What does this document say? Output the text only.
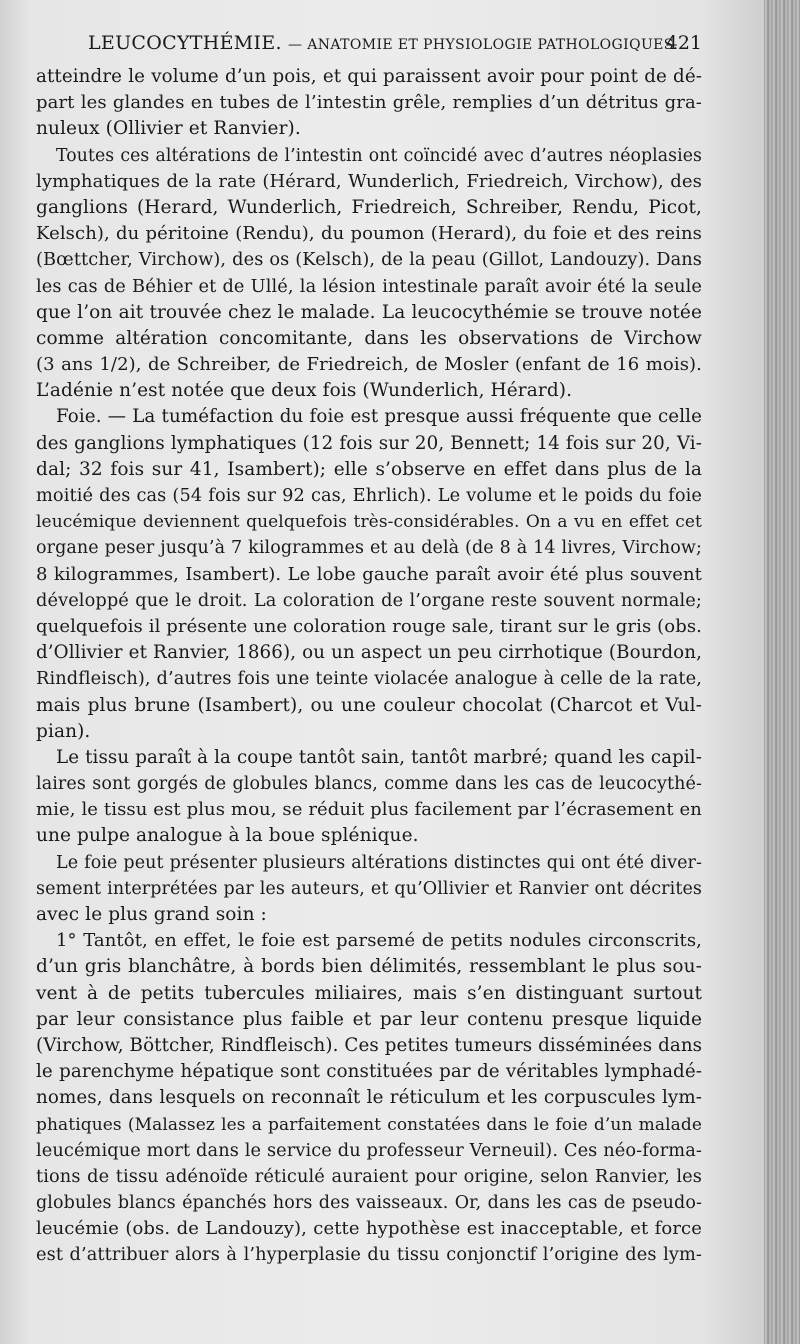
LEUCOCYTHÉMIE. — ANATOMIE ET PHYSIOLOGIE PATHOLOGIQUES.
421
atteindre le volume d’un pois, et qui paraissent avoir pour point de dé-
part les glandes en tubes de l’intestin grêle, remplies d’un détritus gra-
nuleux (Ollivier et Ranvier).
Toutes ces altérations de l’intestin ont coïncidé avec d’autres néoplasies
lymphatiques de la rate (Hérard, Wunderlich, Friedreich, Virchow), des
ganglions (Herard, Wunderlich, Friedreich, Schreiber, Rendu, Picot,
Kelsch), du péritoine (Rendu), du poumon (Herard), du foie et des reins
(Bœttcher, Virchow), des os (Kelsch), de la peau (Gillot, Landouzy). Dans
les cas de Béhier et de Ullé, la lésion intestinale paraît avoir été la seule
que l’on ait trouvée chez le malade. La leucocythémie se trouve notée
comme altération concomitante, dans les observations de Virchow
(3 ans 1/2), de Schreiber, de Friedreich, de Mosler (enfant de 16 mois).
L’adénie n’est notée que deux fois (Wunderlich, Hérard).
Foie. — La tuméfaction du foie est presque aussi fréquente que celle
des ganglions lymphatiques (12 fois sur 20, Bennett; 14 fois sur 20, Vi-
dal; 32 fois sur 41, Isambert); elle s’observe en effet dans plus de la
moitié des cas (54 fois sur 92 cas, Ehrlich). Le volume et le poids du foie
leucémique deviennent quelquefois très-considérables. On a vu en effet cet
organe peser jusqu’à 7 kilogrammes et au delà (de 8 à 14 livres, Virchow;
8 kilogrammes, Isambert). Le lobe gauche paraît avoir été plus souvent
développé que le droit. La coloration de l’organe reste souvent normale;
quelquefois il présente une coloration rouge sale, tirant sur le gris (obs.
d’Ollivier et Ranvier, 1866), ou un aspect un peu cirrhotique (Bourdon,
Rindfleisch), d’autres fois une teinte violacée analogue à celle de la rate,
mais plus brune (Isambert), ou une couleur chocolat (Charcot et Vul-
pian).
Le tissu paraît à la coupe tantôt sain, tantôt marbré; quand les capil-
laires sont gorgés de globules blancs, comme dans les cas de leucocythé-
mie, le tissu est plus mou, se réduit plus facilement par l’écrasement en
une pulpe analogue à la boue splénique.
Le foie peut présenter plusieurs altérations distinctes qui ont été diver-
sement interprétées par les auteurs, et qu’Ollivier et Ranvier ont décrites
avec le plus grand soin :
1° Tantôt, en effet, le foie est parsemé de petits nodules circonscrits,
d’un gris blanchâtre, à bords bien délimités, ressemblant le plus sou-
vent à de petits tubercules miliaires, mais s’en distinguant surtout
par leur consistance plus faible et par leur contenu presque liquide
(Virchow, Böttcher, Rindfleisch). Ces petites tumeurs disséminées dans
le parenchyme hépatique sont constituées par de véritables lymphadé-
nomes, dans lesquels on reconnaît le réticulum et les corpuscules lym-
phatiques (Malassez les a parfaitement constatées dans le foie d’un malade
leucémique mort dans le service du professeur Verneuil). Ces néo-forma-
tions de tissu adénoïde réticulé auraient pour origine, selon Ranvier, les
globules blancs épanchés hors des vaisseaux. Or, dans les cas de pseudo-
leucémie (obs. de Landouzy), cette hypothèse est inacceptable, et force
est d’attribuer alors à l’hyperplasie du tissu conjonctif l’origine des lym-
